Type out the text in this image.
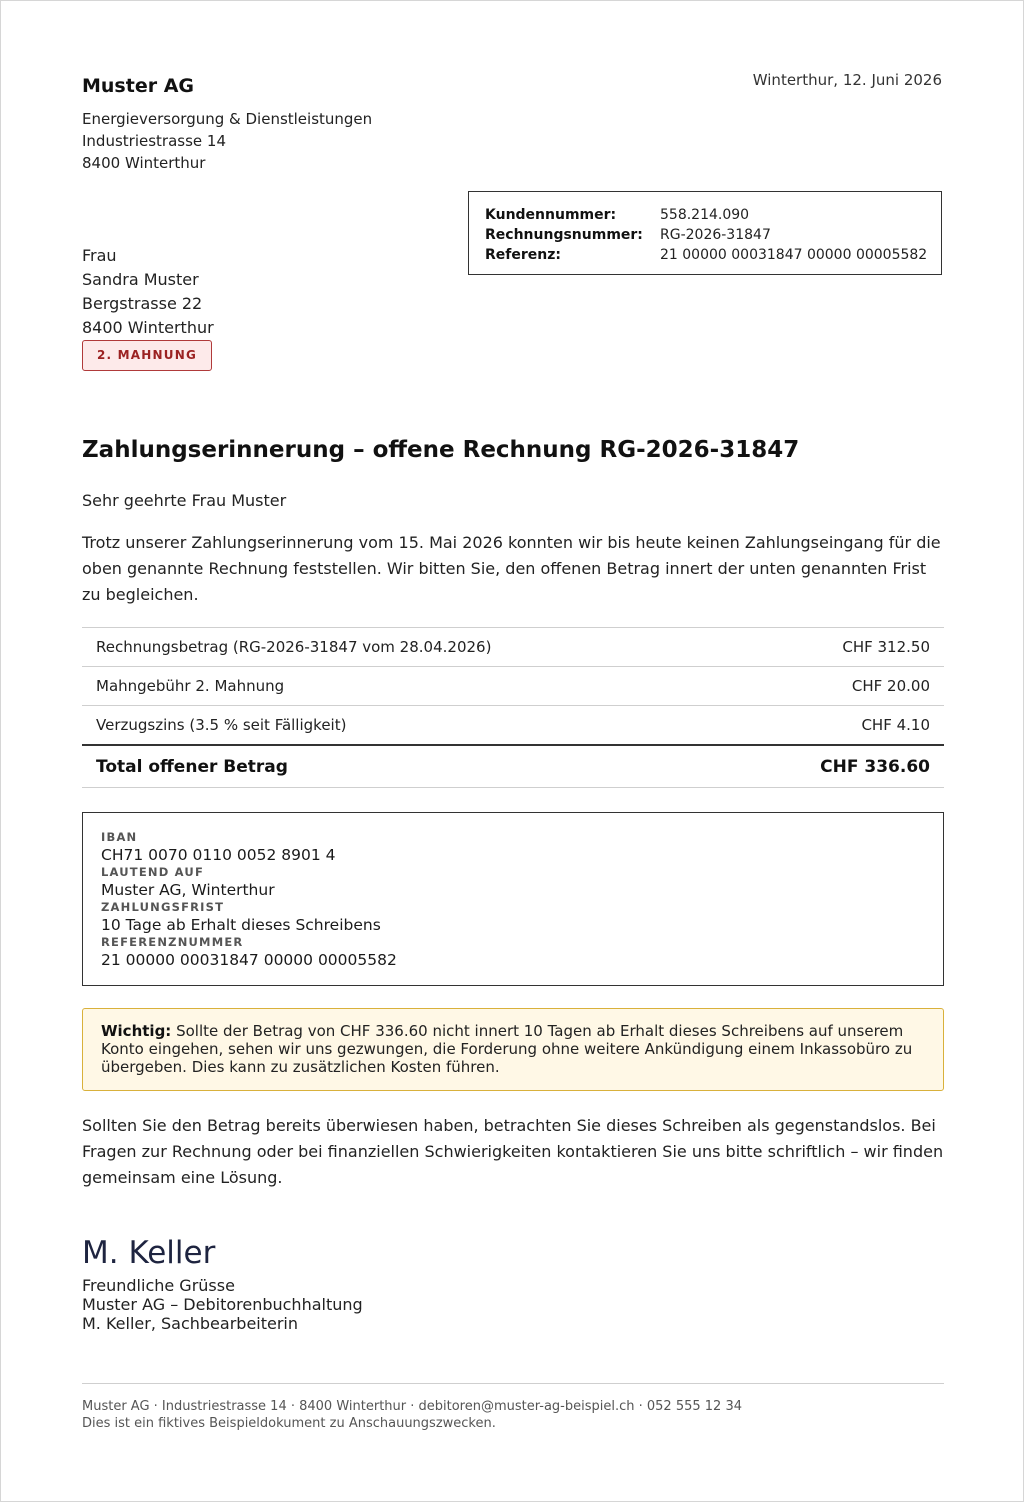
Muster AG
Energieversorgung & Dienstleistungen
Industriestrasse 14
8400 Winterthur
Winterthur, 12. Juni 2026
Kundennummer:	558.214.090
Rechnungsnummer:	RG-2026-31847
Referenz:	21 00000 00031847 00000 00005582
Frau
Sandra Muster
Bergstrasse 22
8400 Winterthur
2. MAHNUNG
Zahlungserinnerung – offene Rechnung RG-2026-31847
Sehr geehrte Frau Muster
Trotz unserer Zahlungserinnerung vom 15. Mai 2026 konnten wir bis heute keinen Zahlungseingang für die oben genannte Rechnung feststellen. Wir bitten Sie, den offenen Betrag innert der unten genannten Frist zu begleichen.
Rechnungsbetrag (RG-2026-31847 vom 28.04.2026)	CHF 312.50
Mahngebühr 2. Mahnung	CHF 20.00
Verzugszins (3.5 % seit Fälligkeit)	CHF 4.10
Total offener Betrag	CHF 336.60
IBAN
CH71 0070 0110 0052 8901 4
LAUTEND AUF
Muster AG, Winterthur
ZAHLUNGSFRIST
10 Tage ab Erhalt dieses Schreibens
REFERENZNUMMER
21 00000 00031847 00000 00005582
Wichtig: Sollte der Betrag von CHF 336.60 nicht innert 10 Tagen ab Erhalt dieses Schreibens auf unserem Konto eingehen, sehen wir uns gezwungen, die Forderung ohne weitere Ankündigung einem Inkassobüro zu übergeben. Dies kann zu zusätzlichen Kosten führen.
Sollten Sie den Betrag bereits überwiesen haben, betrachten Sie dieses Schreiben als gegenstandslos. Bei Fragen zur Rechnung oder bei finanziellen Schwierigkeiten kontaktieren Sie uns bitte schriftlich – wir finden gemeinsam eine Lösung.
M. Keller
Freundliche Grüsse
Muster AG – Debitorenbuchhaltung
M. Keller, Sachbearbeiterin
Muster AG · Industriestrasse 14 · 8400 Winterthur · debitoren@muster-ag-beispiel.ch · 052 555 12 34
Dies ist ein fiktives Beispieldokument zu Anschauungszwecken.
